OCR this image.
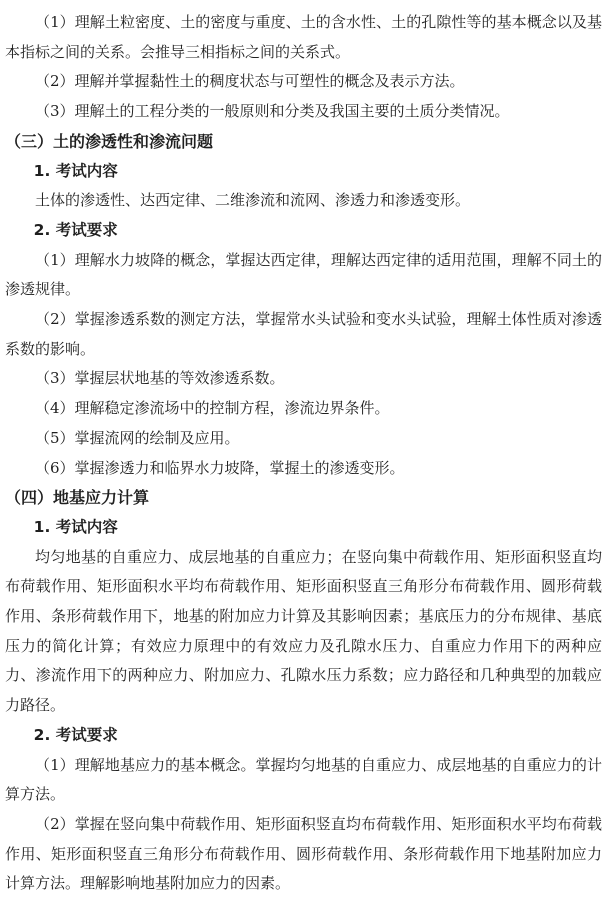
（1）理解土粒密度、土的密度与重度、土的含水性、土的孔隙性等的基本概念以及基本指标之间的关系。会推导三相指标之间的关系式。

（2）理解并掌握黏性土的稠度状态与可塑性的概念及表示方法。

（3）理解土的工程分类的一般原则和分类及我国主要的土质分类情况。

（三）土的渗透性和渗流问题

1. 考试内容

土体的渗透性、达西定律、二维渗流和流网、渗透力和渗透变形。

2. 考试要求

（1）理解水力坡降的概念，掌握达西定律，理解达西定律的适用范围，理解不同土的渗透规律。

（2）掌握渗透系数的测定方法，掌握常水头试验和变水头试验，理解土体性质对渗透系数的影响。

（3）掌握层状地基的等效渗透系数。

（4）理解稳定渗流场中的控制方程，渗流边界条件。

（5）掌握流网的绘制及应用。

（6）掌握渗透力和临界水力坡降，掌握土的渗透变形。

（四）地基应力计算

1. 考试内容

均匀地基的自重应力、成层地基的自重应力；在竖向集中荷载作用、矩形面积竖直均布荷载作用、矩形面积水平均布荷载作用、矩形面积竖直三角形分布荷载作用、圆形荷载作用、条形荷载作用下，地基的附加应力计算及其影响因素；基底压力的分布规律、基底压力的简化计算；有效应力原理中的有效应力及孔隙水压力、自重应力作用下的两种应力、渗流作用下的两种应力、附加应力、孔隙水压力系数；应力路径和几种典型的加载应力路径。

2. 考试要求

（1）理解地基应力的基本概念。掌握均匀地基的自重应力、成层地基的自重应力的计算方法。

（2）掌握在竖向集中荷载作用、矩形面积竖直均布荷载作用、矩形面积水平均布荷载作用、矩形面积竖直三角形分布荷载作用、圆形荷载作用、条形荷载作用下地基附加应力计算方法。理解影响地基附加应力的因素。
